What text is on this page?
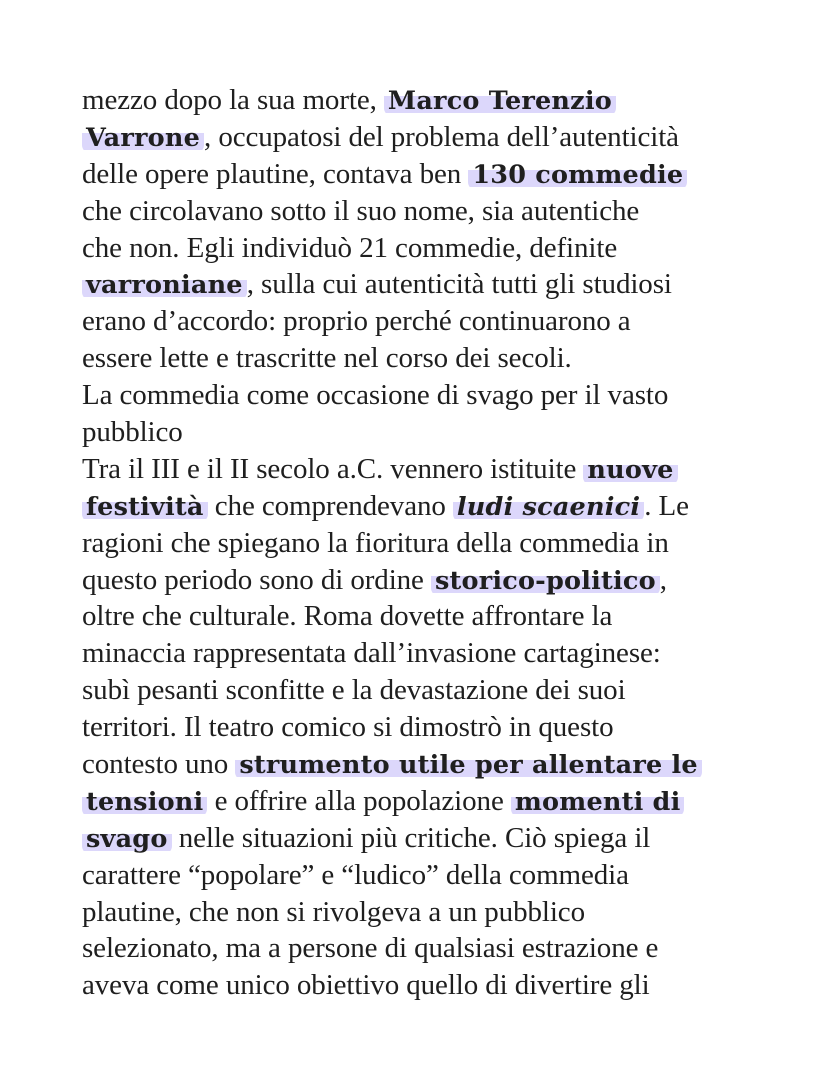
mezzo dopo la sua morte, Marco Terenzio
Varrone , occupatosi del problema dell’autenticità
delle opere plautine, contava ben 130 commedie
che circolavano sotto il suo nome, sia autentiche
che non. Egli individuò 21 commedie, definite
varroniane , sulla cui autenticità tutti gli studiosi
erano d’accordo: proprio perché continuarono a
essere lette e trascritte nel corso dei secoli.
La commedia come occasione di svago per il vasto
pubblico
Tra il III e il II secolo a.C. vennero istituite nuove
festività che comprendevano ludi scaenici . Le
ragioni che spiegano la fioritura della commedia in
questo periodo sono di ordine storico-politico ,
oltre che culturale. Roma dovette affrontare la
minaccia rappresentata dall’invasione cartaginese:
subì pesanti sconfitte e la devastazione dei suoi
territori. Il teatro comico si dimostrò in questo
contesto uno strumento utile per allentare le
tensioni e offrire alla popolazione momenti di
svago nelle situazioni più critiche. Ciò spiega il
carattere “popolare” e “ludico” della commedia
plautine, che non si rivolgeva a un pubblico
selezionato, ma a persone di qualsiasi estrazione e
aveva come unico obiettivo quello di divertire gli
